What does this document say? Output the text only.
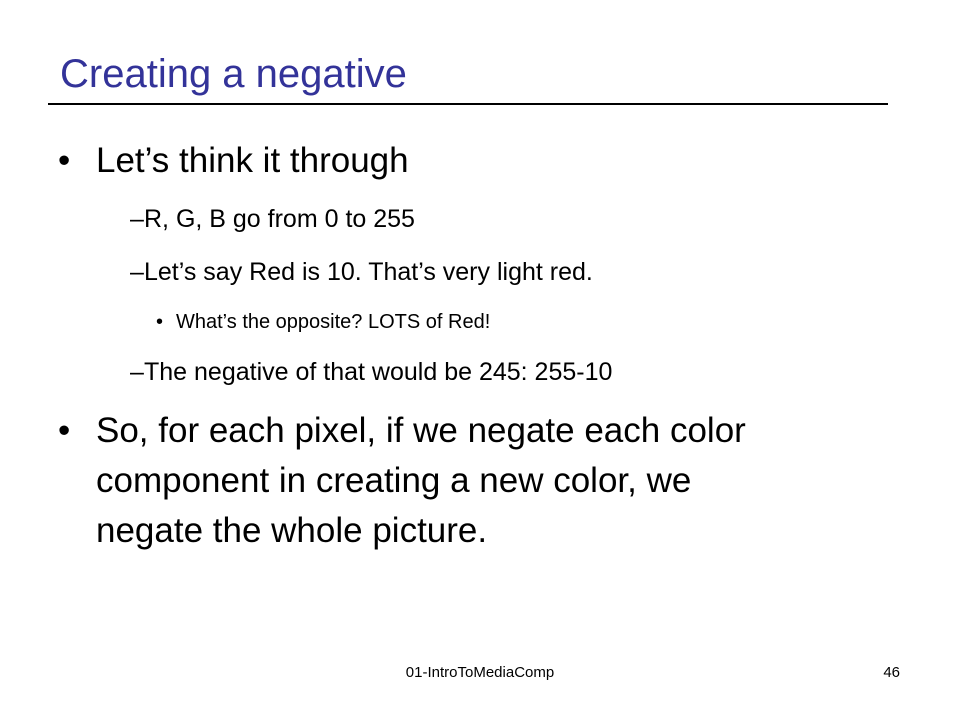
Creating a negative
• Let’s think it through
– R, G, B go from 0 to 255
– Let’s say Red is 10. That’s very light red.
• What’s the opposite? LOTS of Red!
– The negative of that would be 245: 255-10
• So, for each pixel, if we negate each color
component in creating a new color, we
negate the whole picture.
01-IntroToMediaComp	46
